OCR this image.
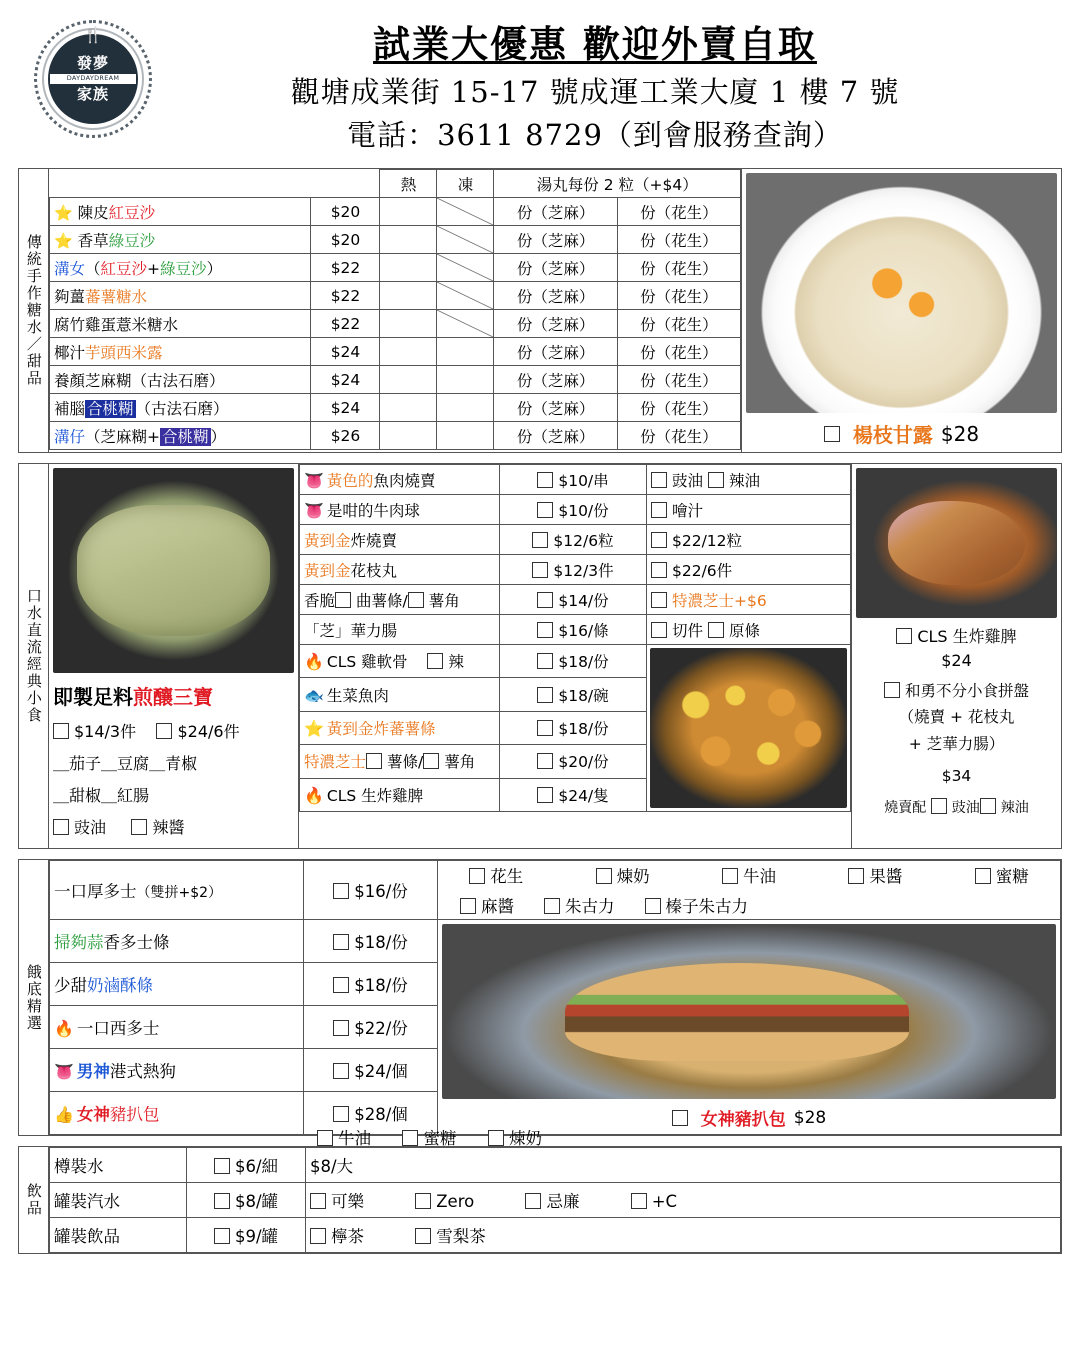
🍴
發夢
DAYDAYDREAM
家族
試業大優惠 歡迎外賣自取
觀塘成業街 15-17 號成運工業大廈 1 樓 7 號
電話：3611 8729（到會服務查詢）
傳統手作糖水／甜品
		熱	凍	湯丸每份 2 粒（+$4）	
⭐ 陳皮紅豆沙	$20			份（芝麻）	份（花生）
⭐ 香草綠豆沙	$20			份（芝麻）	份（花生）
溝女（紅豆沙+綠豆沙）	$22			份（芝麻）	份（花生）
夠薑蕃薯糖水	$22			份（芝麻）	份（花生）
腐竹雞蛋薏米糖水	$22			份（芝麻）	份（花生）
椰汁芋頭西米露	$24			份（芝麻）	份（花生）
養顏芝麻糊（古法石磨）	$24			份（芝麻）	份（花生）
補腦 合桃糊 （古法石磨）	$24			份（芝麻）	份（花生）
溝仔（芝麻糊+ 合桃糊 ）	$26			份（芝麻）	份（花生）	楊枝甘露 $28
口水直流經典小食 即製足料煎釀三寶
$14/3件	$24/6件
＿茄子＿豆腐＿青椒
＿甜椒＿紅腸
豉油	辣醬
👅 黃色的魚肉燒賣	$10/串	豉油 辣油
👅 是咁的牛肉球	$10/份	噲汁
黃到金炸燒賣	$12/6粒	$22/12粒
黃到金花枝丸	$12/3件	$22/6件
香脆 曲薯條/ 薯角	$14/份	特濃芝士+$6
「芝」華力腸	$16/條	切件 原條
🔥 CLS 雞軟骨 辣	$18/份	

🐟 生菜魚肉	$18/碗	
⭐ 黃到金炸蕃薯條	$18/份	
特濃芝士 薯條/ 薯角	$20/份	
🔥 CLS 生炸雞脾	$24/隻	
CLS 生炸雞脾
$24
和勇不分小食拼盤
（燒賣 + 花枝丸
+ 芝華力腸）
$34
燒賣配 豉油 辣油
餓底精選
一口厚多士（雙拼+$2）	$16/份	
花生	煉奶	牛油	果醬	蜜糖
麻醬	朱古力	榛子朱古力

掃夠蒜香多士條	$18/份	女神豬扒包 $28

少甜奶滷酥條	$18/份	
🔥 一口西多士	$22/份	
👅 男神港式熱狗	$24/個	
👍 女神豬扒包	$28/個	
牛油	蜜糖	煉奶
飲品
樽裝水	$6/細	$8/大
罐裝汽水	$8/罐	可樂 Zero 忌廉 +C
罐裝飲品	$9/罐	檸茶 雪梨茶
